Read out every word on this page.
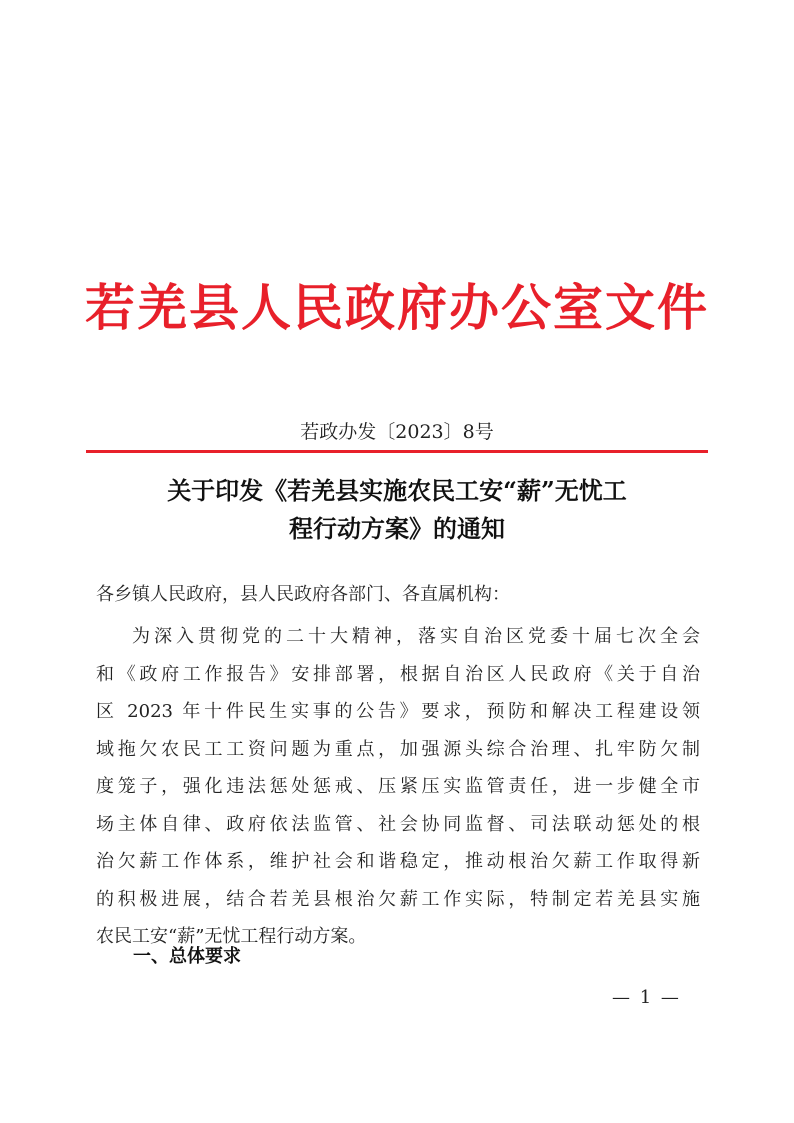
若羌县人民政府办公室文件
若政办发〔2023〕8号
关于印发《若羌县实施农民工安“薪”无忧工
程行动方案》的通知
各乡镇人民政府，县人民政府各部门、各直属机构：
为深入贯彻党的二十大精神，落实自治区党委十届七次全会
和《政府工作报告》安排部署，根据自治区人民政府《关于自治
区 2023 年十件民生实事的公告》要求，预防和解决工程建设领
域拖欠农民工工资问题为重点，加强源头综合治理、扎牢防欠制
度笼子，强化违法惩处惩戒、压紧压实监管责任，进一步健全市
场主体自律、政府依法监管、社会协同监督、司法联动惩处的根
治欠薪工作体系，维护社会和谐稳定，推动根治欠薪工作取得新
的积极进展，结合若羌县根治欠薪工作实际，特制定若羌县实施
农民工安“薪”无忧工程行动方案。
一、总体要求
— 1 —
